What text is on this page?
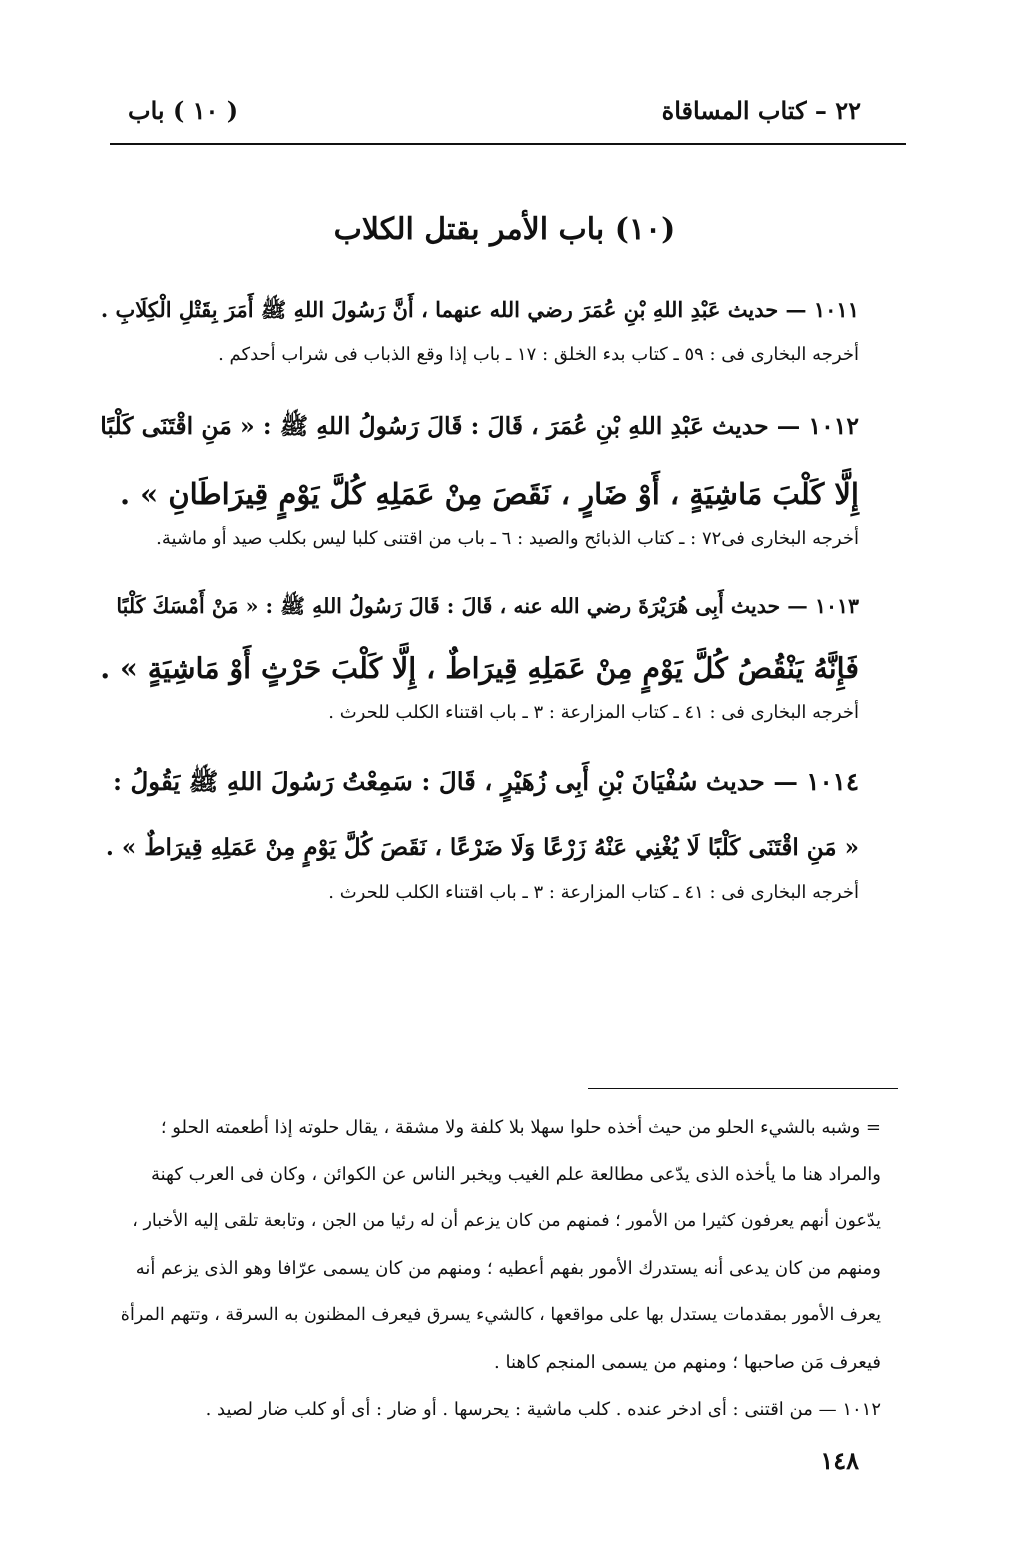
٢٢ – كتاب المساقاة
( ١٠ ) باب
(١٠) باب الأمر بقتل الكلاب
١٠١١ — حديث عَبْدِ اللهِ بْنِ عُمَرَ رضي الله عنهما ، أَنَّ رَسُولَ اللهِ ﷺ أَمَرَ بِقَتْلِ الْكِلَابِ .
أخرجه البخارى فى : ٥٩ ـ كتاب بدء الخلق : ١٧ ـ باب إذا وقع الذباب فى شراب أحدكم .
١٠١٢ — حديث عَبْدِ اللهِ بْنِ عُمَرَ ، قَالَ : قَالَ رَسُولُ اللهِ ﷺ : « مَنِ اقْتَنَى كَلْبًا
إِلَّا كَلْبَ مَاشِيَةٍ ، أَوْ ضَارٍ ، نَقَصَ مِنْ عَمَلِهِ كُلَّ يَوْمٍ قِيرَاطَانِ » .
أخرجه البخارى فى٧٢ : ـ كتاب الذبائح والصيد : ٦ ـ باب من اقتنى كلبا ليس بكلب صيد أو ماشية.
١٠١٣ — حديث أَبِى هُرَيْرَةَ رضي الله عنه ، قَالَ : قَالَ رَسُولُ اللهِ ﷺ : « مَنْ أَمْسَكَ كَلْبًا
فَإِنَّهُ يَنْقُصُ كُلَّ يَوْمٍ مِنْ عَمَلِهِ قِيرَاطٌ ، إِلَّا كَلْبَ حَرْثٍ أَوْ مَاشِيَةٍ » .
أخرجه البخارى فى : ٤١ ـ كتاب المزارعة : ٣ ـ باب اقتناء الكلب للحرث .
١٠١٤ — حديث سُفْيَانَ بْنِ أَبِى زُهَيْرٍ ، قَالَ : سَمِعْتُ رَسُولَ اللهِ ﷺ يَقُولُ :
« مَنِ اقْتَنَى كَلْبًا لَا يُغْنِي عَنْهُ زَرْعًا وَلَا ضَرْعًا ، نَقَصَ كُلَّ يَوْمٍ مِنْ عَمَلِهِ قِيرَاطٌ » .
أخرجه البخارى فى : ٤١ ـ كتاب المزارعة : ٣ ـ باب اقتناء الكلب للحرث .
= وشبه بالشيء الحلو من حيث أخذه حلوا سهلا بلا كلفة ولا مشقة ، يقال حلوته إذا أطعمته الحلو ؛
والمراد هنا ما يأخذه الذى يدّعى مطالعة علم الغيب ويخبر الناس عن الكوائن ، وكان فى العرب كهنة
يدّعون أنهم يعرفون كثيرا من الأمور ؛ فمنهم من كان يزعم أن له رئيا من الجن ، وتابعة تلقى إليه الأخبار ،
ومنهم من كان يدعى أنه يستدرك الأمور بفهم أعطيه ؛ ومنهم من كان يسمى عرّافا وهو الذى يزعم أنه
يعرف الأمور بمقدمات يستدل بها على مواقعها ، كالشيء يسرق فيعرف المظنون به السرقة ، وتتهم المرأة
فيعرف مَن صاحبها ؛ ومنهم من يسمى المنجم كاهنا .
١٠١٢ — من اقتنى : أى ادخر عنده . كلب ماشية : يحرسها . أو ضار : أى أو كلب ضار لصيد .
١٤٨
